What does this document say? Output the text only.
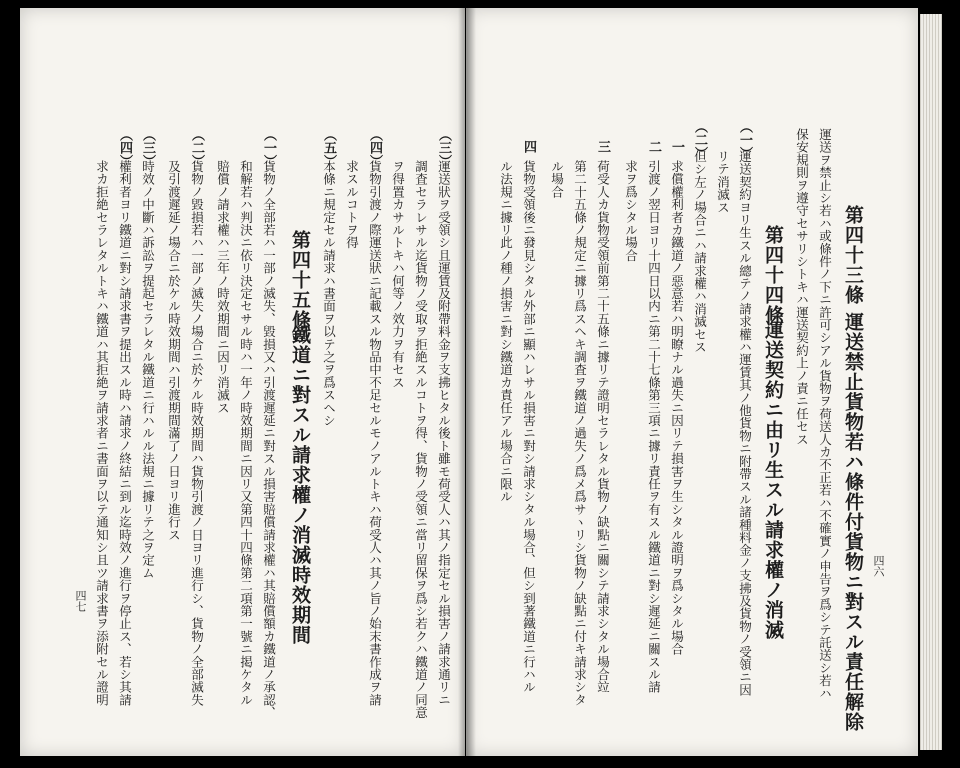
四六
第四十三條
運送禁止貨物若ハ條件付貨物ニ對スル責任解除
運送ヲ禁止シ若ハ或條件ノ下ニ許可シアル貨物ヲ荷送人カ不正若ハ不確實ノ申告ヲ爲シテ託送シ若ハ
保安規則ヲ遵守セサリシトキハ運送契約上ノ責ニ任セス
第四十四條
運送契約ニ由リ生スル請求權ノ消滅
（一）
運送契約ヨリ生スル總テノ請求權ハ運賃其ノ他貨物ニ附帶スル諸種料金ノ支拂及貨物ノ受領ニ因
リテ消滅ス
（二）
但シ左ノ場合ニハ請求權ハ消滅セス
一
求償權利者カ鐵道ノ惡意若ハ明瞭ナル過失ニ因リテ損害ヲ生シタル證明ヲ爲シタル場合
二
引渡ノ翌日ヨリ十四日以内ニ第二十七條第三項ニ據リ責任ヲ有スル鐵道ニ對シ遲延ニ關スル請
求ヲ爲シタル場合
三
荷受人カ貨物受領前第二十五條ニ據リテ證明セラレタル貨物ノ缺點ニ關シテ請求シタル場合竝
第二十五條ノ規定ニ據リ爲スヘキ調査ヲ鐵道ノ過失ノ爲メ爲サヽリシ貨物ノ缺點ニ付キ請求シタ
ル場合
四
貨物受領後ニ發見シタル外部ニ顯ハレサル損害ニ對シ請求シタル場合、但シ到著鐵道ニ行ハル
ル法規ニ據リ此ノ種ノ損害ニ對シ鐵道カ責任アル場合ニ限ル
（三）
運送狀ヲ受領シ且運賃及附帶料金ヲ支拂ヒタル後ト雖モ荷受人ハ其ノ指定セル損害ノ請求通リニ
調査セラレサル迄貨物ノ受取ヲ拒絶スルコトヲ得、貨物ノ受領ニ當リ留保ヲ爲シ若クハ鐵道ノ同意
ヲ得置カサルトキハ何等ノ效力ヲ有セス
（四）
貨物引渡ノ際運送狀ニ記載スル物品中不足セルモノアルトキハ荷受人ハ其ノ旨ノ始末書作成ヲ請
求スルコトヲ得
（五）
本條ニ規定セル請求ハ書面ヲ以テ之ヲ爲スヘシ
第四十五條
鐵道ニ對スル請求權ノ消滅時效期間
（一）
貨物ノ全部若ハ一部ノ滅失、毀損又ハ引渡遲延ニ對スル損害賠償請求權ハ其賠償額カ鐵道ノ承認、
和解若ハ判決ニ依リ決定セサル時ハ一年ノ時效期間ニ因リ又第四十四條第二項第一號ニ掲ケタル
賠償ノ請求權ハ三年ノ時效期間ニ因リ消滅ス
（二）
貨物ノ毀損若ハ一部ノ滅失ノ場合ニ於ケル時效期間ハ貨物引渡ノ日ヨリ進行シ、貨物ノ全部滅失
及引渡遲延ノ場合ニ於ケル時效期間ハ引渡期間滿了ノ日ヨリ進行ス
（三）
時效ノ中斷ハ訴訟ヲ提起セラレタル鐵道ニ行ハルル法規ニ據リテ之ヲ定ム
（四）
權利者ヨリ鐵道ニ對シ請求書ヲ提出スル時ハ請求ノ終結ニ到ル迄時效ノ進行ヲ停止ス、若シ其請
求カ拒絶セラレタルトキハ鐵道ハ其拒絶ヲ請求者ニ書面ヲ以テ通知シ且ツ請求書ヲ添附セル證明
四七
